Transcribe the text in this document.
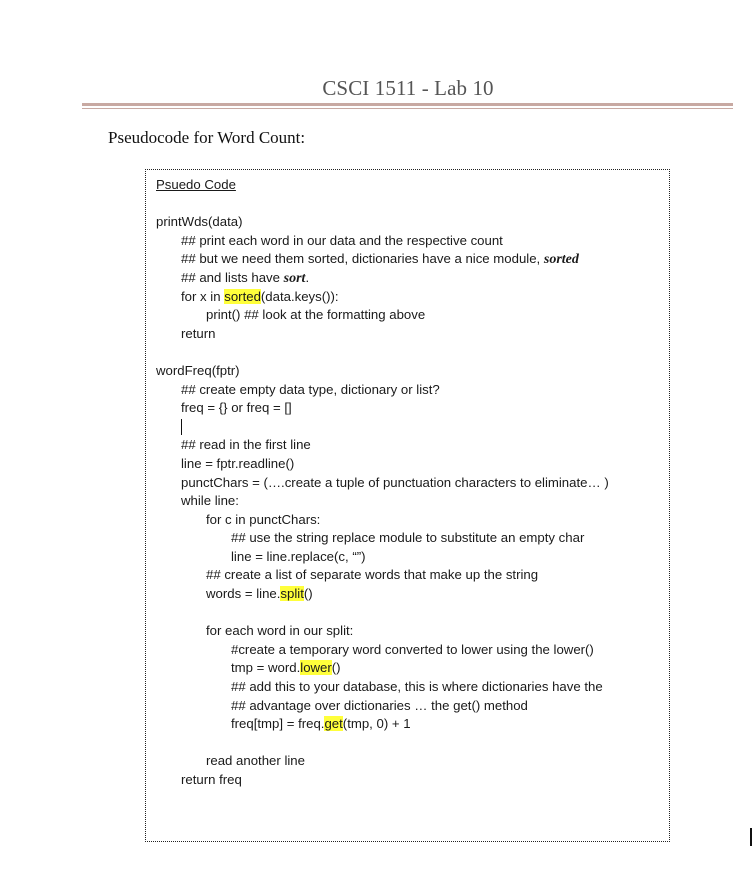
CSCI 1511 - Lab 10
Pseudocode for Word Count:
Psuedo Code
printWds(data)
## print each word in our data and the respective count
## but we need them sorted, dictionaries have a nice module, sorted
## and lists have sort.
for x in sorted(data.keys()):
print() ## look at the formatting above
return
wordFreq(fptr)
## create empty data type, dictionary or list?
freq = {} or freq = []
## read in the first line
line = fptr.readline()
punctChars = (….create a tuple of punctuation characters to eliminate… )
while line:
for c in punctChars:
## use the string replace module to substitute an empty char
line = line.replace(c, “”)
## create a list of separate words that make up the string
words = line.split()
for each word in our split:
#create a temporary word converted to lower using the lower()
tmp = word.lower()
## add this to your database, this is where dictionaries have the
## advantage over dictionaries … the get() method
freq[tmp] = freq.get(tmp, 0) + 1
read another line
return freq
